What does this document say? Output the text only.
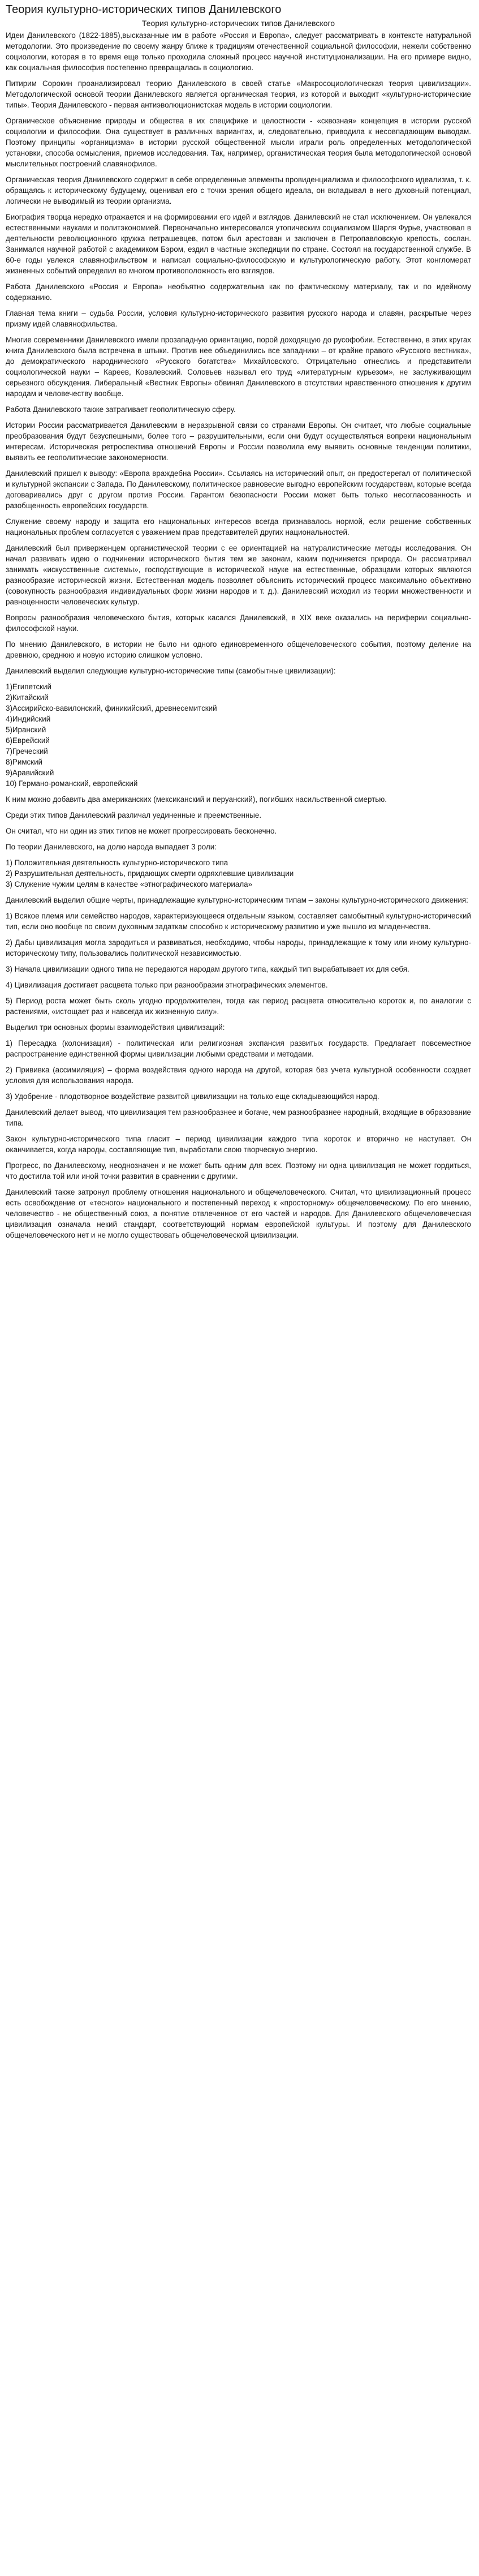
Теория культурно-исторических типов Данилевского
Теория культурно-исторических типов Данилевского

Идеи Данилевского (1822-1885),высказанные им в работе «Россия и Европа», следует рассматривать в контексте натуральной методологии. Это произведение по своему жанру ближе к традициям отечественной социальной философии, нежели собственно социологии, которая в то время еще только проходила сложный процесс научной институционализации. На его примере видно, как социальная философия постепенно превращалась в социологию.

Питирим Сорокин проанализировал теорию Данилевского в своей статье «Макросоциологическая теория цивилизации». Методологической основой теории Данилевского является органическая теория, из которой и выходит «культурно-исторические типы». Теория Данилевского - первая антиэволюционистская модель в истории социологии.

Органическое объяснение природы и общества в их специфике и целостности - «сквозная» концепция в истории русской социологии и философии. Она существует в различных вариантах, и, следовательно, приводила к несовпадающим выводам. Поэтому принципы «органицизма» в истории русской общественной мысли играли роль определенных методологической установки, способа осмысления, приемов исследования. Так, например, органистическая теория была методологической основой мыслительных построений славянофилов.

Органическая теория Данилевского содержит в себе определенные элементы провиденциализма и философского идеализма, т. к. обращаясь к историческому будущему, оценивая его с точки зрения общего идеала, он вкладывал в него духовный потенциал, логически не выводимый из теории организма.

Биография творца нередко отражается и на формировании его идей и взглядов. Данилевский не стал исключением. Он увлекался естественными науками и политэкономией. Первоначально интересовался утопическим социализмом Шарля Фурье, участвовал в деятельности революционного кружка петрашевцев, потом был арестован и заключен в Петропавловскую крепость, сослан. Занимался научной работой с академиком Бэром, ездил в частные экспедиции по стране. Состоял на государственной службе. В 60-е годы увлекся славянофильством и написал социально-философскую и культурологическую работу. Этот конгломерат жизненных событий определил во многом противоположность его взглядов.

Работа Данилевского «Россия и Европа» необъятно содержательна как по фактическому материалу, так и по идейному содержанию.

Главная тема книги – судьба России, условия культурно-исторического развития русского народа и славян, раскрытые через призму идей славянофильства.

Многие современники Данилевского имели прозападную ориентацию, порой доходящую до русофобии. Естественно, в этих кругах книга Данилевского была встречена в штыки. Против нее объединились все западники – от крайне правого «Русского вестника», до демократического народнического «Русского богатства» Михайловского. Отрицательно отнеслись и представители социологической науки – Кареев, Ковалевский. Соловьев называл его труд «литературным курьезом», не заслуживающим серьезного обсуждения. Либеральный «Вестник Европы» обвинял Данилевского в отсутствии нравственного отношения к другим народам и человечеству вообще.

Работа Данилевского также затрагивает геополитическую сферу.

Истории России рассматривается Данилевским в неразрывной связи со странами Европы. Он считает, что любые социальные преобразования будут безуспешными, более того – разрушительными, если они будут осуществляться вопреки национальным интересам. Историческая ретроспектива отношений Европы и России позволила ему выявить основные тенденции политики, выявить ее геополитические закономерности.

Данилевский пришел к выводу: «Европа враждебна России». Ссылаясь на исторический опыт, он предостерегал от политической и культурной экспансии с Запада. По Данилевскому, политическое равновесие выгодно европейским государствам, которые всегда договаривались друг с другом против России. Гарантом безопасности России может быть только несогласованность и разобщенность европейских государств.

Служение своему народу и защита его национальных интересов всегда признавалось нормой, если решение собственных национальных проблем согласуется с уважением прав представителей других национальностей.

Данилевский был приверженцем органистической теории с ее ориентацией на натуралистические методы исследования. Он начал развивать идею о подчинении исторического бытия тем же законам, каким подчиняется природа. Он рассматривал занимать «искусственные системы», господствующие в исторической науке на естественные, образцами которых являются разнообразие исторической жизни. Естественная модель позволяет объяснить исторический процесс максимально объективно (совокупность разнообразия индивидуальных форм жизни народов и т. д.). Данилевский исходил из теории множественности и равноценности человеческих культур.

Вопросы разнообразия человеческого бытия, которых касался Данилевский, в XIX веке оказались на периферии социально-философской науки.

По мнению Данилевского, в истории не было ни одного единовременного общечеловеческого события, поэтому деление на древнюю, среднюю и новую историю слишком условно.

Данилевский выделил следующие культурно-исторические типы (самобытные цивилизации):

1)Египетский
2)Китайский
3)Ассирийско-вавилонский, финикийский, древнесемитский
4)Индийский
5)Иранский
6)Еврейский
7)Греческий
8)Римский
9)Аравийский
10) Германо-романский, европейский

К ним можно добавить два американских (мексиканский и перуанский), погибших насильственной смертью.

Среди этих типов Данилевский различал уединенные и преемственные.

Он считал, что ни один из этих типов не может прогрессировать бесконечно.

По теории Данилевского, на долю народа выпадает 3 роли:

1) Положительная деятельность культурно-исторического типа
2) Разрушительная деятельность, придающих смерти одряхлевшие цивилизации
3) Служение чужим целям в качестве «этнографического материала»

Данилевский выделил общие черты, принадлежащие культурно-историческим типам – законы культурно-исторического движения:

1) Всякое племя или семейство народов, характеризующееся отдельным языком, составляет самобытный культурно-исторический тип, если оно вообще по своим духовным задаткам способно к историческому развитию и уже вышло из младенчества.

2) Дабы цивилизация могла зародиться и развиваться, необходимо, чтобы народы, принадлежащие к тому или иному культурно-историческому типу, пользовались политической независимостью.

3) Начала цивилизации одного типа не передаются народам другого типа, каждый тип вырабатывает их для себя.

4) Цивилизация достигает расцвета только при разнообразии этнографических элементов.

5) Период роста может быть сколь угодно продолжителен, тогда как период расцвета относительно короток и, по аналогии с растениями, «истощает раз и навсегда их жизненную силу».

Выделил три основных формы взаимодействия цивилизаций:

1) Пересадка (колонизация) - политическая или религиозная экспансия развитых государств. Предлагает повсеместное распространение единственной формы цивилизации любыми средствами и методами.

2) Прививка (ассимиляция) – форма воздействия одного народа на другой, которая без учета культурной особенности создает условия для использования народа.

3) Удобрение - плодотворное воздействие развитой цивилизации на только еще складывающийся народ.

Данилевский делает вывод, что цивилизация тем разнообразнее и богаче, чем разнообразнее народный, входящие в образование типа.

Закон культурно-исторического типа гласит – период цивилизации каждого типа короток и вторично не наступает. Он оканчивается, когда народы, составляющие тип, выработали свою творческую энергию.

Прогресс, по Данилевскому, неоднозначен и не может быть одним для всех. Поэтому ни одна цивилизация не может гордиться, что достигла той или иной точки развития в сравнении с другими.

Данилевский также затронул проблему отношения национального и общечеловеческого. Считал, что цивилизационный процесс есть освобождение от «тесного» национального и постепенный переход к «просторному» общечеловеческому. По его мнению, человечество - не общественный союз, а понятие отвлеченное от его частей и народов. Для Данилевского общечеловеческая цивилизация означала некий стандарт, соответствующий нормам европейской культуры. И поэтому для Данилевского общечеловеческого нет и не могло существовать общечеловеческой цивилизации.
